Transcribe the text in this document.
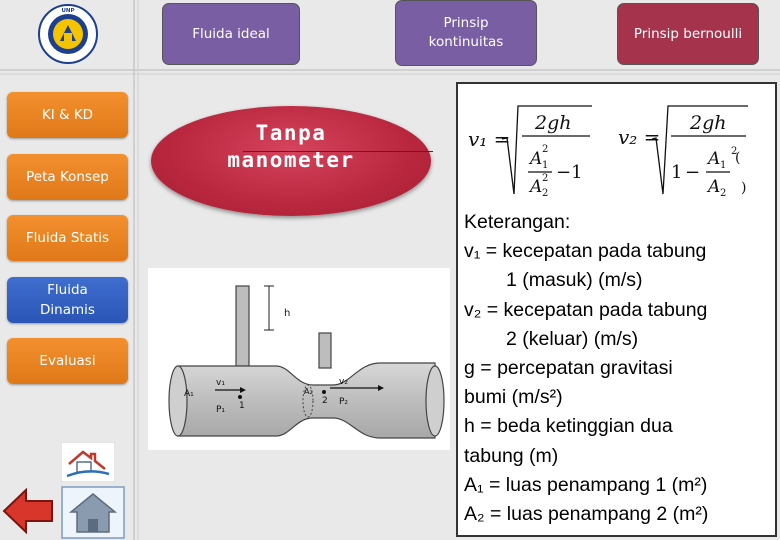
UNP
Fluida ideal
Prinsip kontinuitas
Prinsip bernoulli
KI & KD
Peta Konsep
Fluida Statis
Fluida Dinamis
Evaluasi
Tanpa manometer
h
A₁
v₁
P₁ 1
A₂
2
v₂
P₂
v₁ =
2gh
A 1
2
A 2
2 −1
v₂ =
2gh
1 −
A 1
2
A 2
(
)

Keterangan:

v₁ = kecepatan pada tabung

1 (masuk) (m/s)

v₂ = kecepatan pada tabung

2 (keluar) (m/s)

g = percepatan gravitasi

bumi (m/s²)

h = beda ketinggian dua

tabung (m)

A₁ = luas penampang 1 (m²)

A₂ = luas penampang 2 (m²)
